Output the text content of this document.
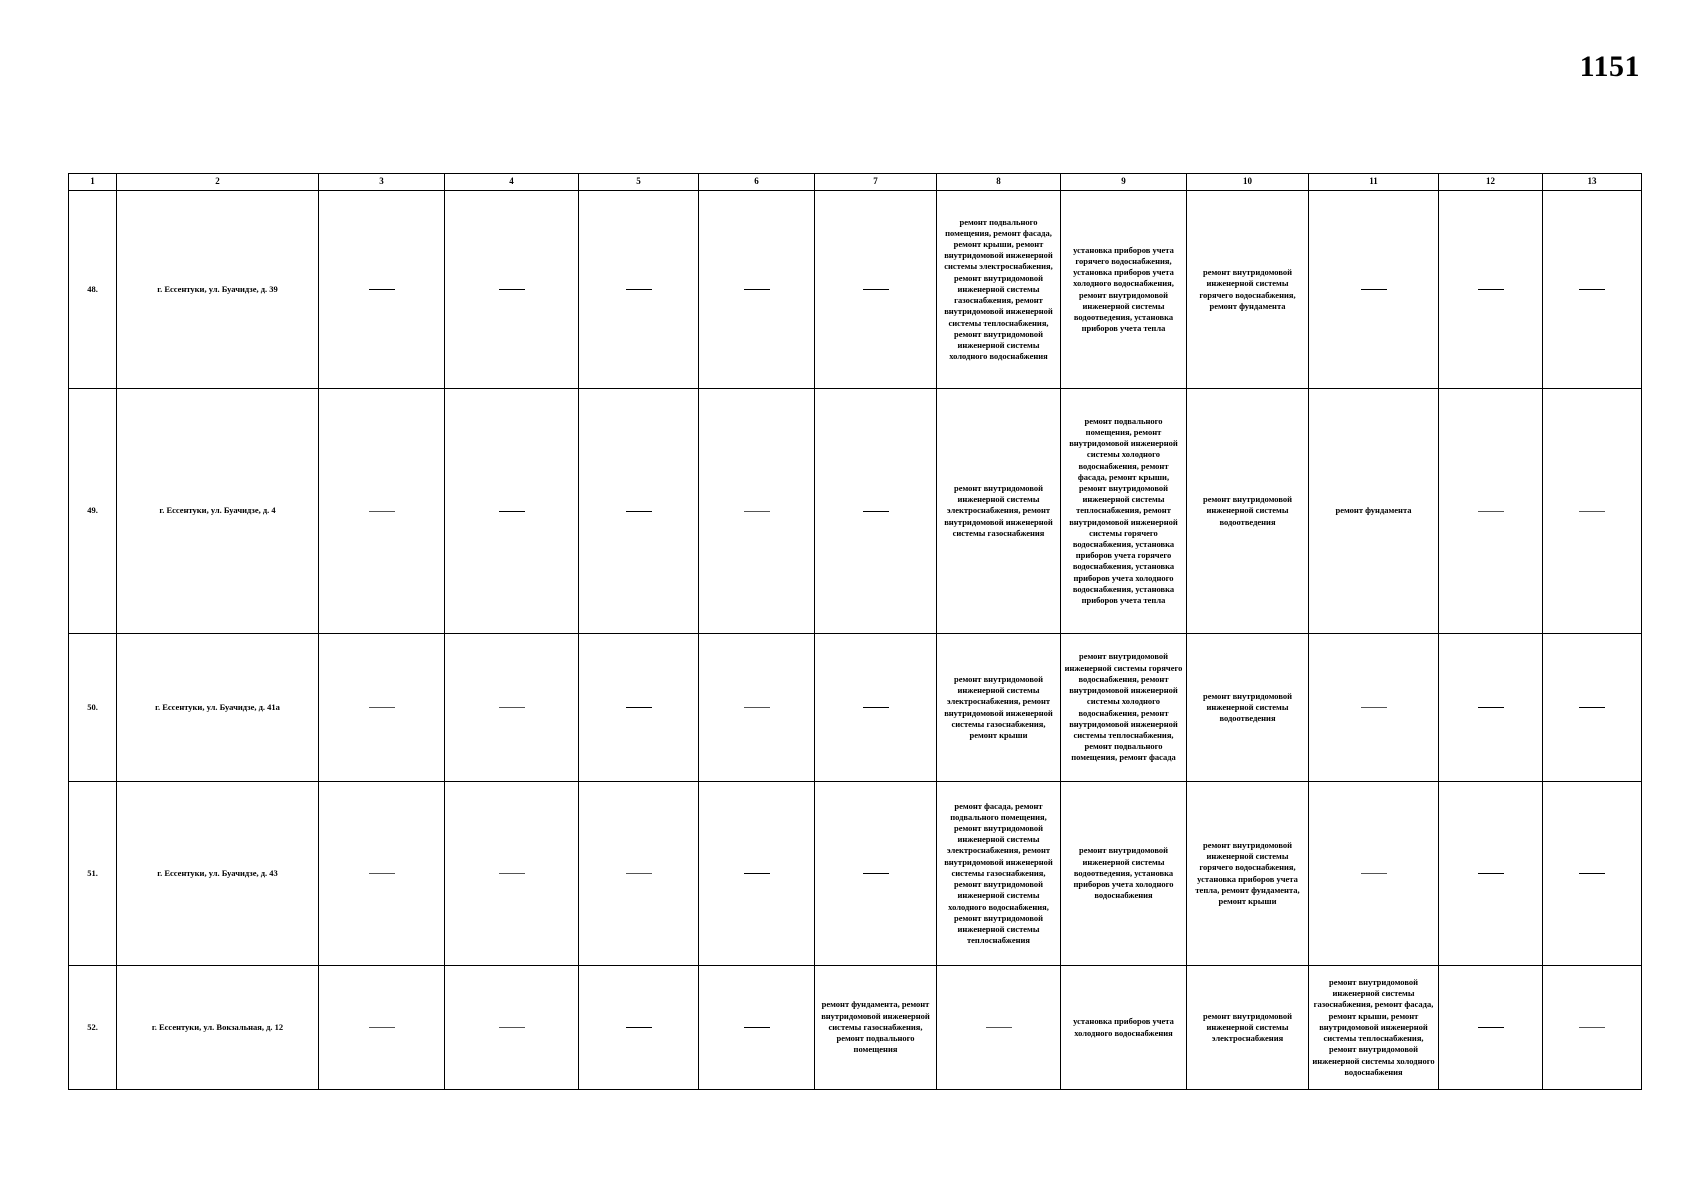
1151
1	2	3	4	5	6	7	8	9	10	11	12	13
48.	г. Ессентуки, ул. Буачидзе, д. 39						ремонт подвального помещения, ремонт фасада, ремонт крыши, ремонт внутридомовой инженерной системы электроснабжения, ремонт внутридомовой инженерной системы газоснабжения, ремонт внутридомовой инженерной системы теплоснабжения, ремонт внутридомовой инженерной системы холодного водоснабжения	установка приборов учета горячего водоснабжения, установка приборов учета холодного водоснабжения, ремонт внутридомовой инженерной системы водоотведения, установка приборов учета тепла	ремонт внутридомовой инженерной системы горячего водоснабжения, ремонт фундамента			
49.	г. Ессентуки, ул. Буачидзе, д. 4						ремонт внутридомовой инженерной системы электроснабжения, ремонт внутридомовой инженерной системы газоснабжения	ремонт подвального помещения, ремонт внутридомовой инженерной системы холодного водоснабжения, ремонт фасада, ремонт крыши, ремонт внутридомовой инженерной системы теплоснабжения, ремонт внутридомовой инженерной системы горячего водоснабжения, установка приборов учета горячего водоснабжения, установка приборов учета холодного водоснабжения, установка приборов учета тепла	ремонт внутридомовой инженерной системы водоотведения	ремонт фундамента		
50.	г. Ессентуки, ул. Буачидзе, д. 41а						ремонт внутридомовой инженерной системы электроснабжения, ремонт внутридомовой инженерной системы газоснабжения, ремонт крыши	ремонт внутридомовой инженерной системы горячего водоснабжения, ремонт внутридомовой инженерной системы холодного водоснабжения, ремонт внутридомовой инженерной системы теплоснабжения, ремонт подвального помещения, ремонт фасада	ремонт внутридомовой инженерной системы водоотведения			
51.	г. Ессентуки, ул. Буачидзе, д. 43						ремонт фасада, ремонт подвального помещения, ремонт внутридомовой инженерной системы электроснабжения, ремонт внутридомовой инженерной системы газоснабжения, ремонт внутридомовой инженерной системы холодного водоснабжения, ремонт внутридомовой инженерной системы теплоснабжения	ремонт внутридомовой инженерной системы водоотведения, установка приборов учета холодного водоснабжения	ремонт внутридомовой инженерной системы горячего водоснабжения, установка приборов учета тепла, ремонт фундамента, ремонт крыши			
52.	г. Ессентуки, ул. Вокзальная, д. 12					ремонт фундамента, ремонт внутридомовой инженерной системы газоснабжения, ремонт подвального помещения		установка приборов учета холодного водоснабжения	ремонт внутридомовой инженерной системы электроснабжения	ремонт внутридомовой инженерной системы газоснабжения, ремонт фасада, ремонт крыши, ремонт внутридомовой инженерной системы теплоснабжения, ремонт внутридомовой инженерной системы холодного водоснабжения		
